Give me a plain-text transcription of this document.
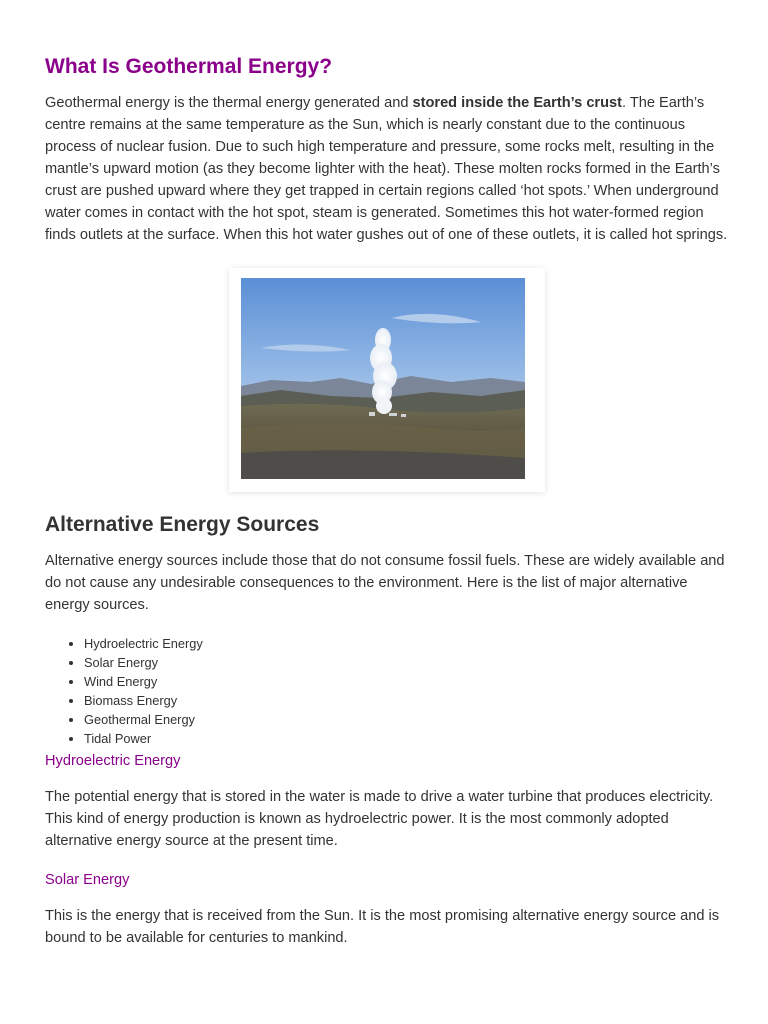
What Is Geothermal Energy?

Geothermal energy is the thermal energy generated and stored inside the Earth’s crust. The Earth’s centre remains at the same temperature as the Sun, which is nearly constant due to the continuous process of nuclear fusion. Due to such high temperature and pressure, some rocks melt, resulting in the mantle’s upward motion (as they become lighter with the heat). These molten rocks formed in the Earth’s crust are pushed upward where they get trapped in certain regions called ‘hot spots.’ When underground water comes in contact with the hot spot, steam is generated. Sometimes this hot water-formed region finds outlets at the surface. When this hot water gushes out of one of these outlets, it is called hot springs.

Alternative Energy Sources

Alternative energy sources include those that do not consume fossil fuels. These are widely available and do not cause any undesirable consequences to the environment. Here is the list of major alternative energy sources.

• Hydroelectric Energy
• Solar Energy
• Wind Energy
• Biomass Energy
• Geothermal Energy
• Tidal Power
Hydroelectric Energy

The potential energy that is stored in the water is made to drive a water turbine that produces electricity. This kind of energy production is known as hydroelectric power. It is the most commonly adopted alternative energy source at the present time.

Solar Energy

This is the energy that is received from the Sun. It is the most promising alternative energy source and is bound to be available for centuries to mankind.
